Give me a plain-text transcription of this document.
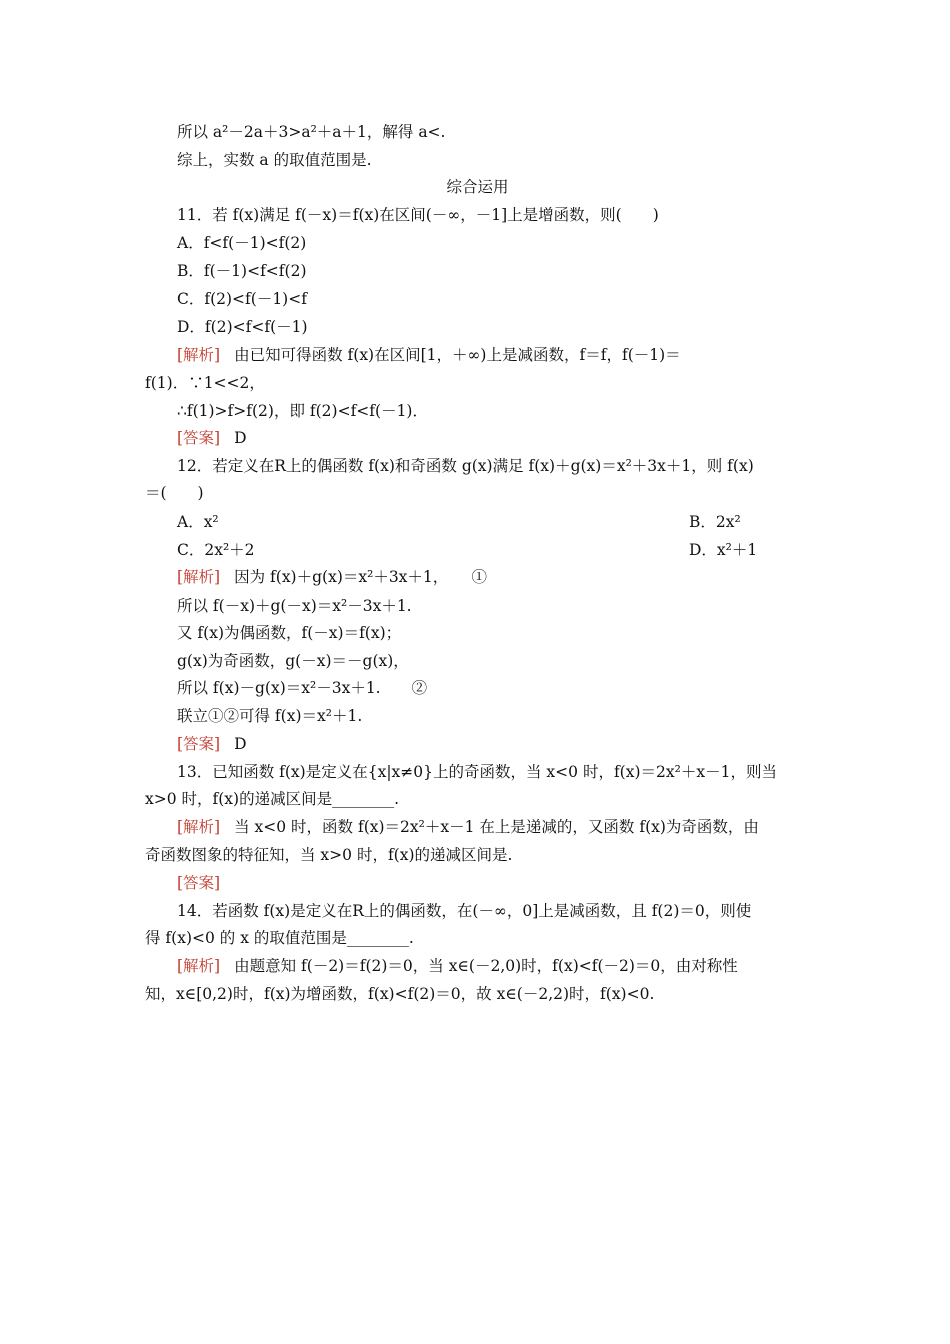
所以 a²－2a＋3>a²＋a＋1，解得 a<.
综上，实数 a 的取值范围是.
综合运用
11．若 f(x)满足 f(－x)＝f(x)在区间(－∞，－1]上是增函数，则(　　)
A．f<f(－1)<f(2)
B．f(－1)<f<f(2)
C．f(2)<f(－1)<f
D．f(2)<f<f(－1)
[解析] 由已知可得函数 f(x)在区间[1，＋∞)上是减函数，f＝f，f(－1)＝
f(1)．∵1<<2，
∴f(1)>f>f(2)，即 f(2)<f<f(－1)．
[答案] D
12．若定义在R上的偶函数 f(x)和奇函数 g(x)满足 f(x)＋g(x)＝x²＋3x＋1，则 f(x)
＝(　　)
A．x²	B．2x²
C．2x²＋2	D．x²＋1
[解析] 因为 f(x)＋g(x)＝x²＋3x＋1，　　①
所以 f(－x)＋g(－x)＝x²－3x＋1.
又 f(x)为偶函数，f(－x)＝f(x)；
g(x)为奇函数，g(－x)＝－g(x)，
所以 f(x)－g(x)＝x²－3x＋1.　　②
联立①②可得 f(x)＝x²＋1.
[答案] D
13．已知函数 f(x)是定义在{x|x≠0}上的奇函数，当 x<0 时，f(x)＝2x²＋x－1，则当
x>0 时，f(x)的递减区间是________.
[解析] 当 x<0 时，函数 f(x)＝2x²＋x－1 在上是递减的，又函数 f(x)为奇函数，由
奇函数图象的特征知，当 x>0 时，f(x)的递减区间是.
[答案]
14．若函数 f(x)是定义在R上的偶函数，在(－∞，0]上是减函数，且 f(2)＝0，则使
得 f(x)<0 的 x 的取值范围是________.
[解析] 由题意知 f(－2)＝f(2)＝0，当 x∈(－2,0)时，f(x)<f(－2)＝0，由对称性
知，x∈[0,2)时，f(x)为增函数，f(x)<f(2)＝0，故 x∈(－2,2)时，f(x)<0.
